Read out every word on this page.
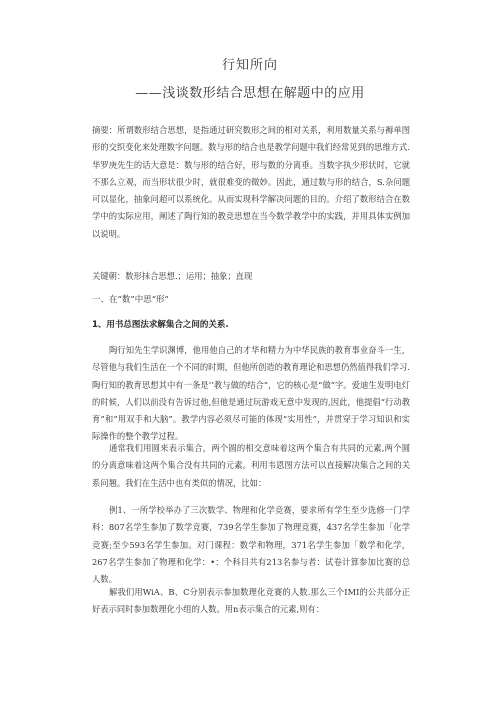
行知所向
——浅谈数形结合思想在解题中的应用

摘要：所谓数形结合思想，是指通过研究数形之间的相对关系，利用数量关系与褥单图形的交织变化来处理数字问题。数与形的结合也是教学问题中我们经常见到的思维方式.华罗庚先生的话大意是：数与形的结合好，形与数的分离垂。当数字执少形状时，它就不那么立观，而当形状很少时，就很难变的微妙。因此，通过数与形的结合，S.杂问题可以显化，抽象问超可以系统化。从而实现科学解决问题的目的。介绍了数形结合在数学中的实际应用，阐述了陶行知的教竞思想在当今数学教学中的实践，并用具体实例加以说明。

关键朝：数形抹合思想.；运用；抽象；直现

一、在“数”中思“形”
1、用书总图法求解集合之间的关系.

陶行知先生学识渊博，他用他自己的才华和精力为中华民族的教育事业奋斗一生，尽管他与我们生活在一个不同的时期，但他所创造的教育理论和思想仍然值得我们学习.陶行知的教育思想其中有一条是’’教与做的结合”，它的核心是“做”字。爱迪生发明电灯的时候，人们以前没有告诉过他,但他是通过玩游戏无意中发现的,因此，他提倡“行动教育”和“用双手和大脑”。教学内容必须尽可能的体现“实用性”，并贯穿于学习知识和实际操作的整个教学过程。

通常我们用圆来表示集合，两个圆的相交意味着这两个集合有共同的元素,两个圆的分离意味着这两个集合没有共同的元素。利用韦恩图方法可以直接解决集合之间的关系问翘。我们在生活中也有类似的情况，比如：

例1、一所学校举办了三次数学、物理和化学竞赛，要求所有学生至少选修一门学科：807名学生参加了数学竞赛，739名学生参加了物理竞赛，437名学生参加「化学竞赛;至少593名学生参加。对门课程：数学和物理，371名学生参加「数学和化学，267名学生参加了物理和化学：•：个科目共有213名参与者：试卷计算参加比赛的总人数。

解我们用WiA、B、C分别表示参加数理化竞赛的人数.那么三个IMI的公共部分正好表示同时参加数理化小组的人数。用n表示集合的元素,则有：
